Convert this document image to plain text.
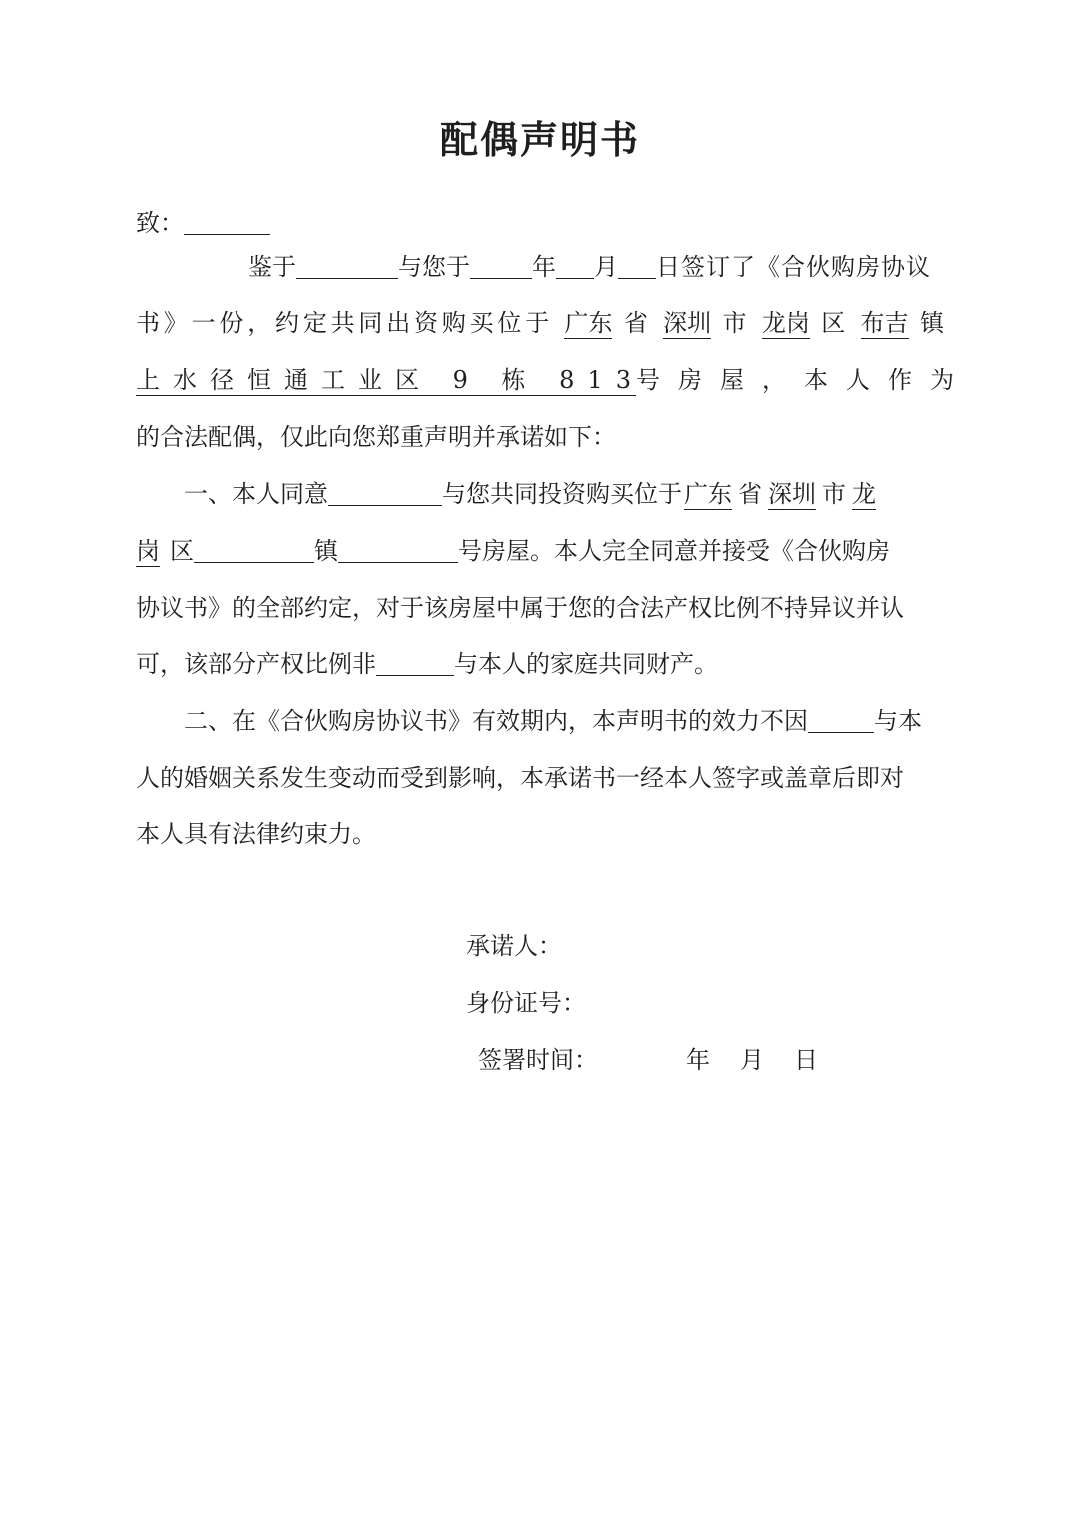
配偶声明书
致：
鉴于	与您于	年 月 日签订了《合伙购房协议
书》一份，约定共同出资购买位于 广东 省 深圳 市 龙岗 区 布吉 镇
上水径恒通工业区 9 栋 813号房屋，本人作为
的合法配偶，仅此向您郑重声明并承诺如下：
一、本人同意	与您共同投资购买位于广东 省 深圳 市 龙
岗 区	镇	号房屋。本人完全同意并接受《合伙购房
协议书》的全部约定，对于该房屋中属于您的合法产权比例不持异议并认
可，该部分产权比例非	与本人的家庭共同财产。
二、在《合伙购房协议书》有效期内，本声明书的效力不因	与本
人的婚姻关系发生变动而受到影响，本承诺书一经本人签字或盖章后即对
本人具有法律约束力。
承诺人：
身份证号：
签署时间：	年 月 日
